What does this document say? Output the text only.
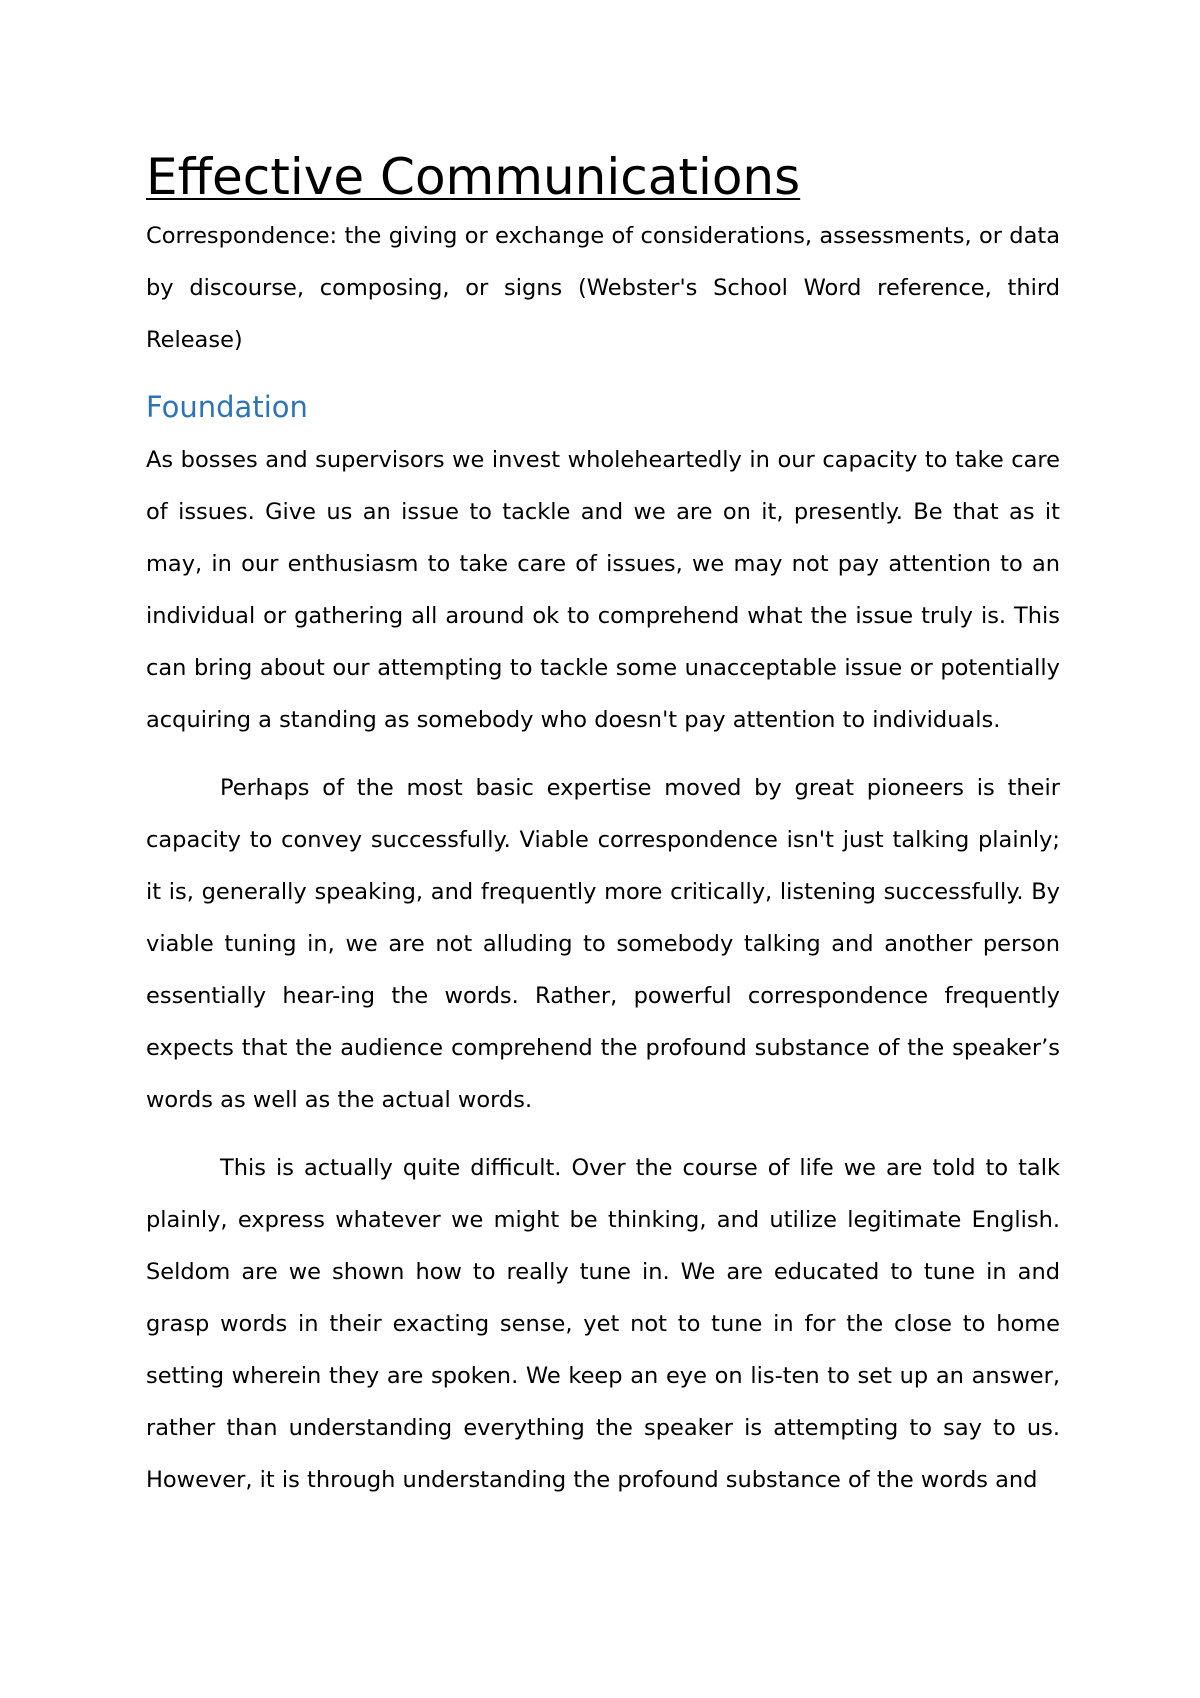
Effective Communications

Correspondence: the giving or exchange of considerations, assessments, or data by discourse, composing, or signs (Webster's School Word reference, third Release)

Foundation

As bosses and supervisors we invest wholeheartedly in our capacity to take care of issues. Give us an issue to tackle and we are on it, presently. Be that as it may, in our enthusiasm to take care of issues, we may not pay attention to an individual or gathering all around ok to comprehend what the issue truly is. This can bring about our attempting to tackle some unacceptable issue or potentially acquiring a standing as somebody who doesn't pay attention to individuals.

Perhaps of the most basic expertise moved by great pioneers is their capacity to convey successfully. Viable correspondence isn't just talking plainly; it is, generally speaking, and frequently more critically, listening successfully. By viable tuning in, we are not alluding to somebody talking and another person essentially hear-ing the words. Rather, powerful correspondence frequently expects that the audience comprehend the profound substance of the speaker’s words as well as the actual words.

This is actually quite difficult. Over the course of life we are told to talk plainly, express whatever we might be thinking, and utilize legitimate English. Seldom are we shown how to really tune in. We are educated to tune in and grasp words in their exacting sense, yet not to tune in for the close to home setting wherein they are spoken. We keep an eye on lis-ten to set up an answer, rather than understanding everything the speaker is attempting to say to us. However, it is through understanding the profound substance of the words and
